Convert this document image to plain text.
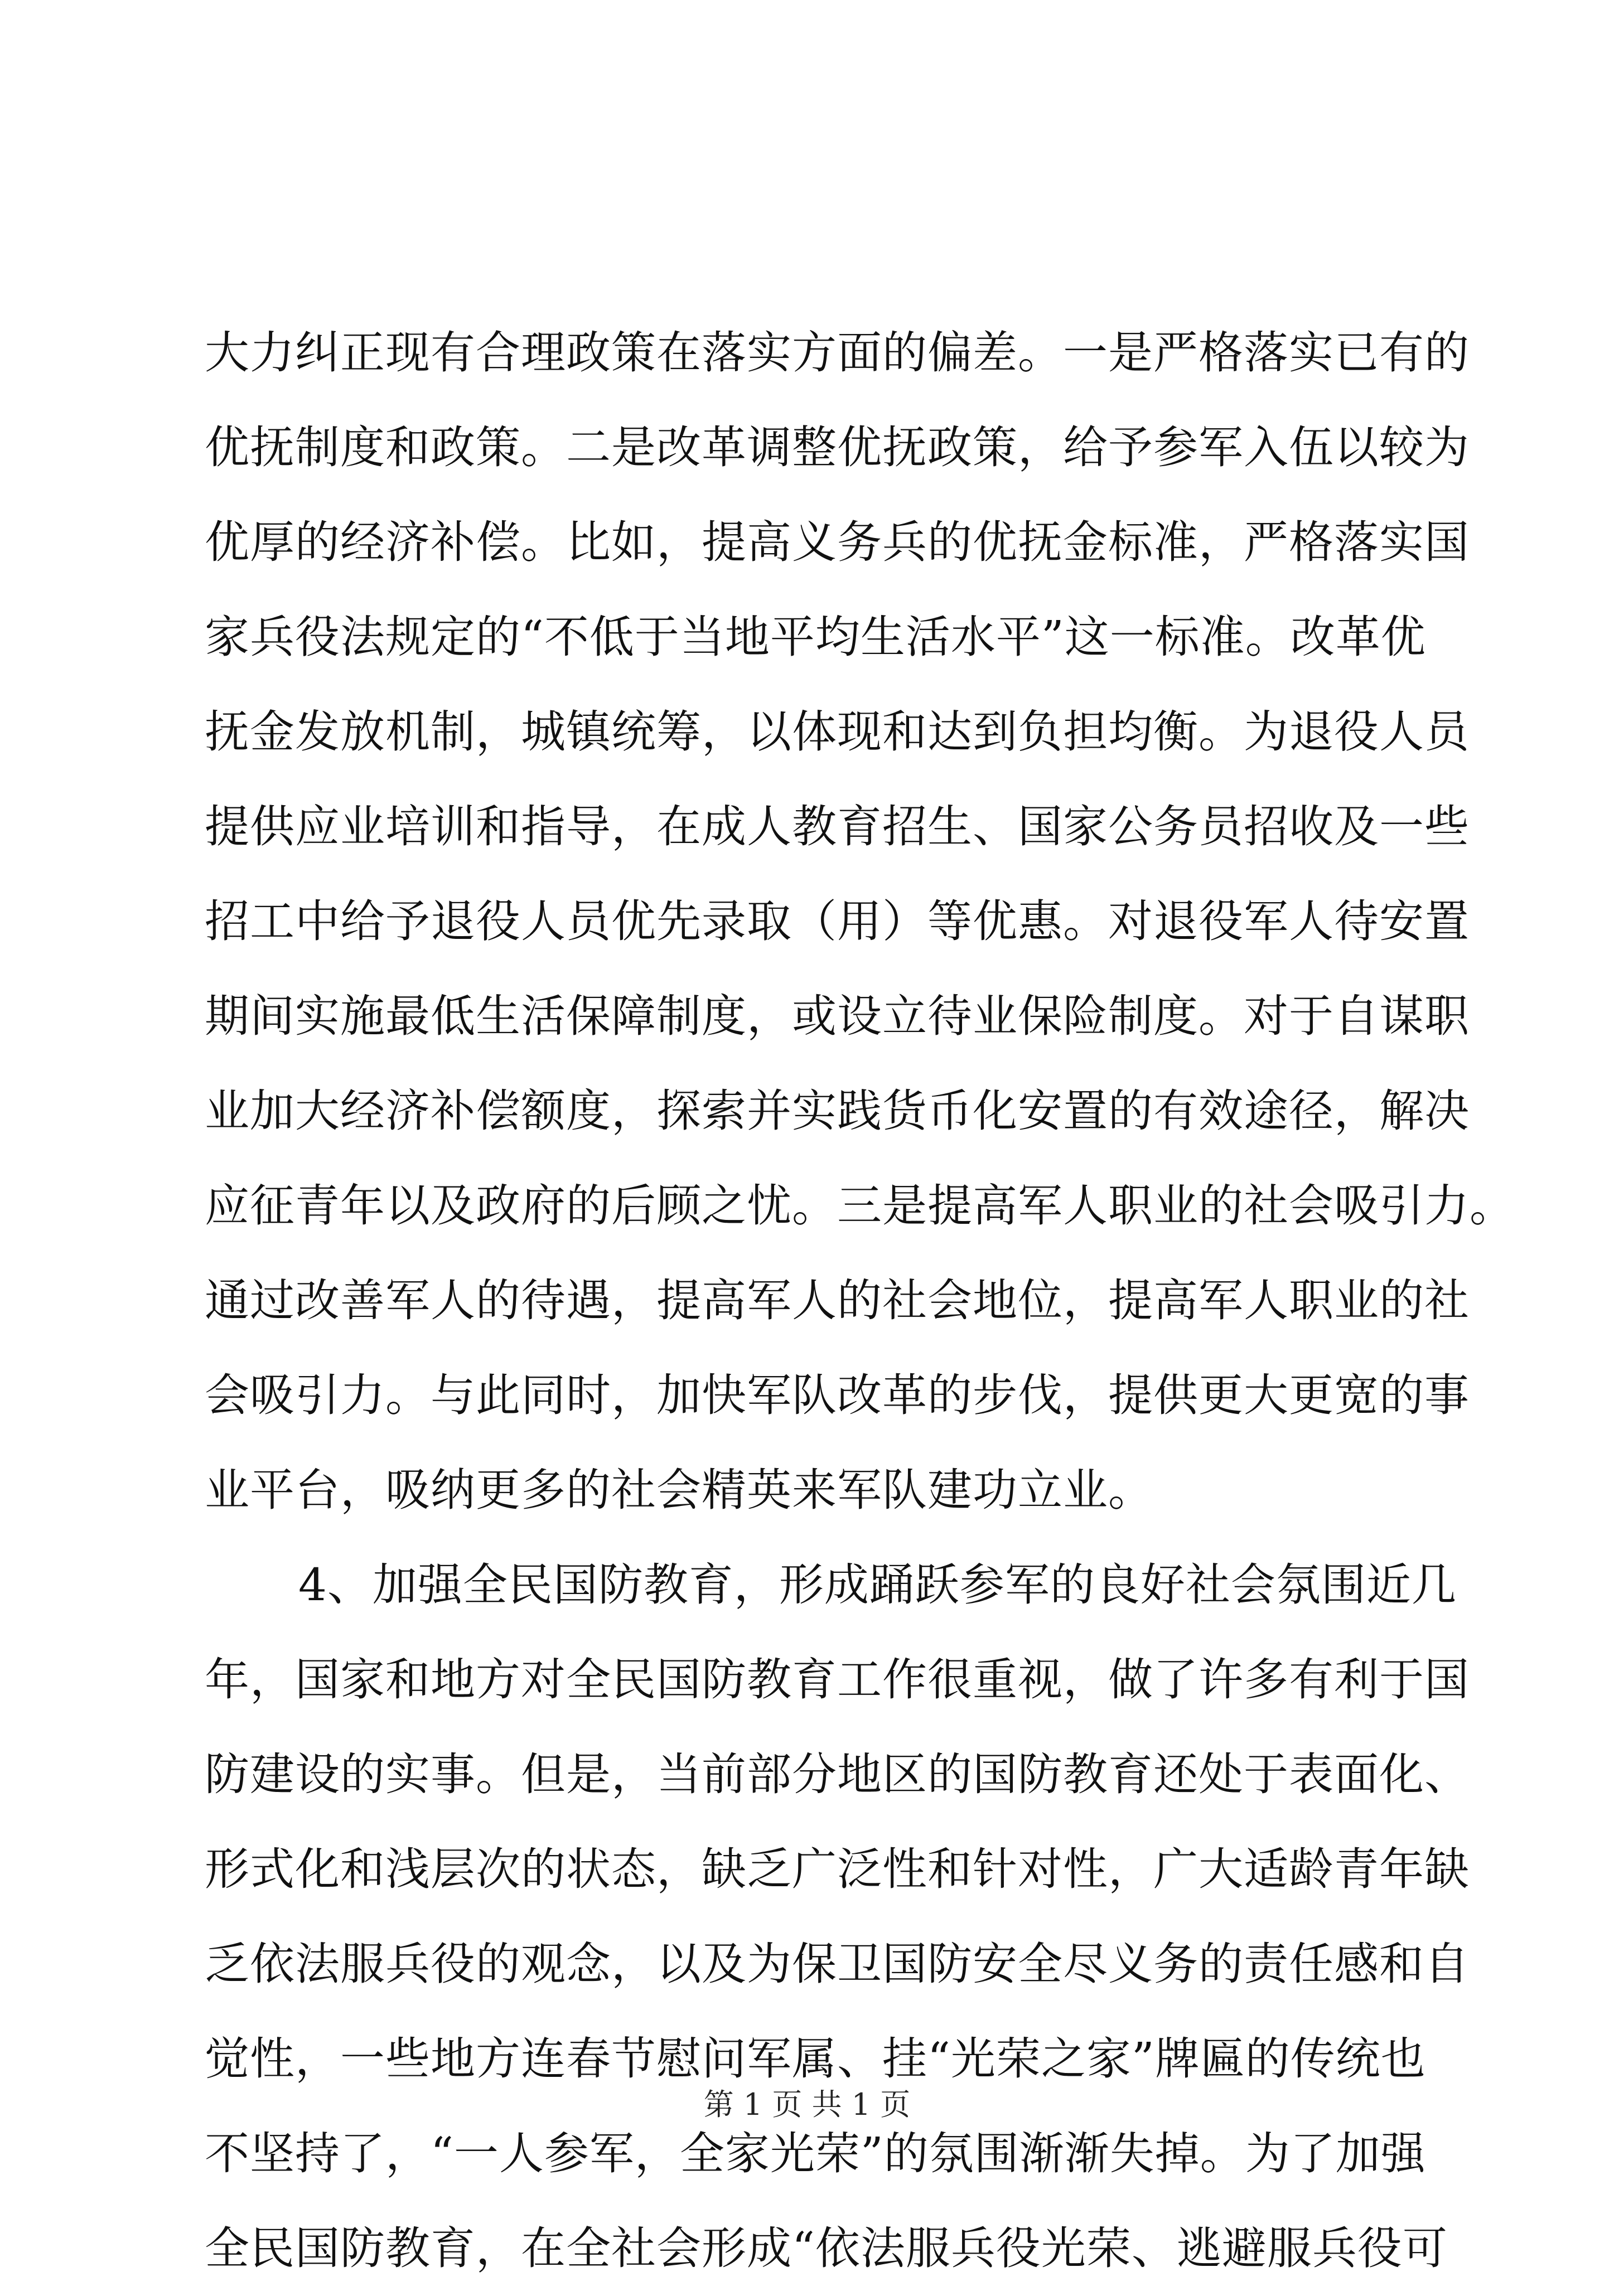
大力纠正现有合理政策在落实方面的偏差。一是严格落实已有的
优抚制度和政策。二是改革调整优抚政策，给予参军入伍以较为
优厚的经济补偿。比如，提高义务兵的优抚金标准，严格落实国
家兵役法规定的“不低于当地平均生活水平”这一标准。改革优
抚金发放机制，城镇统筹，以体现和达到负担均衡。为退役人员
提供应业培训和指导，在成人教育招生、国家公务员招收及一些
招工中给予退役人员优先录取（用）等优惠。对退役军人待安置
期间实施最低生活保障制度，或设立待业保险制度。对于自谋职
业加大经济补偿额度，探索并实践货币化安置的有效途径，解决
应征青年以及政府的后顾之忧。三是提高军人职业的社会吸引力。
通过改善军人的待遇，提高军人的社会地位，提高军人职业的社
会吸引力。与此同时，加快军队改革的步伐，提供更大更宽的事
业平台，吸纳更多的社会精英来军队建功立业。
4、加强全民国防教育，形成踊跃参军的良好社会氛围近几
年，国家和地方对全民国防教育工作很重视，做了许多有利于国
防建设的实事。但是，当前部分地区的国防教育还处于表面化、
形式化和浅层次的状态，缺乏广泛性和针对性，广大适龄青年缺
乏依法服兵役的观念，以及为保卫国防安全尽义务的责任感和自
觉性，一些地方连春节慰问军属、挂“光荣之家”牌匾的传统也
不坚持了，“一人参军，全家光荣”的氛围渐渐失掉。为了加强
全民国防教育，在全社会形成“依法服兵役光荣、逃避服兵役可
第 1 页 共 1 页
